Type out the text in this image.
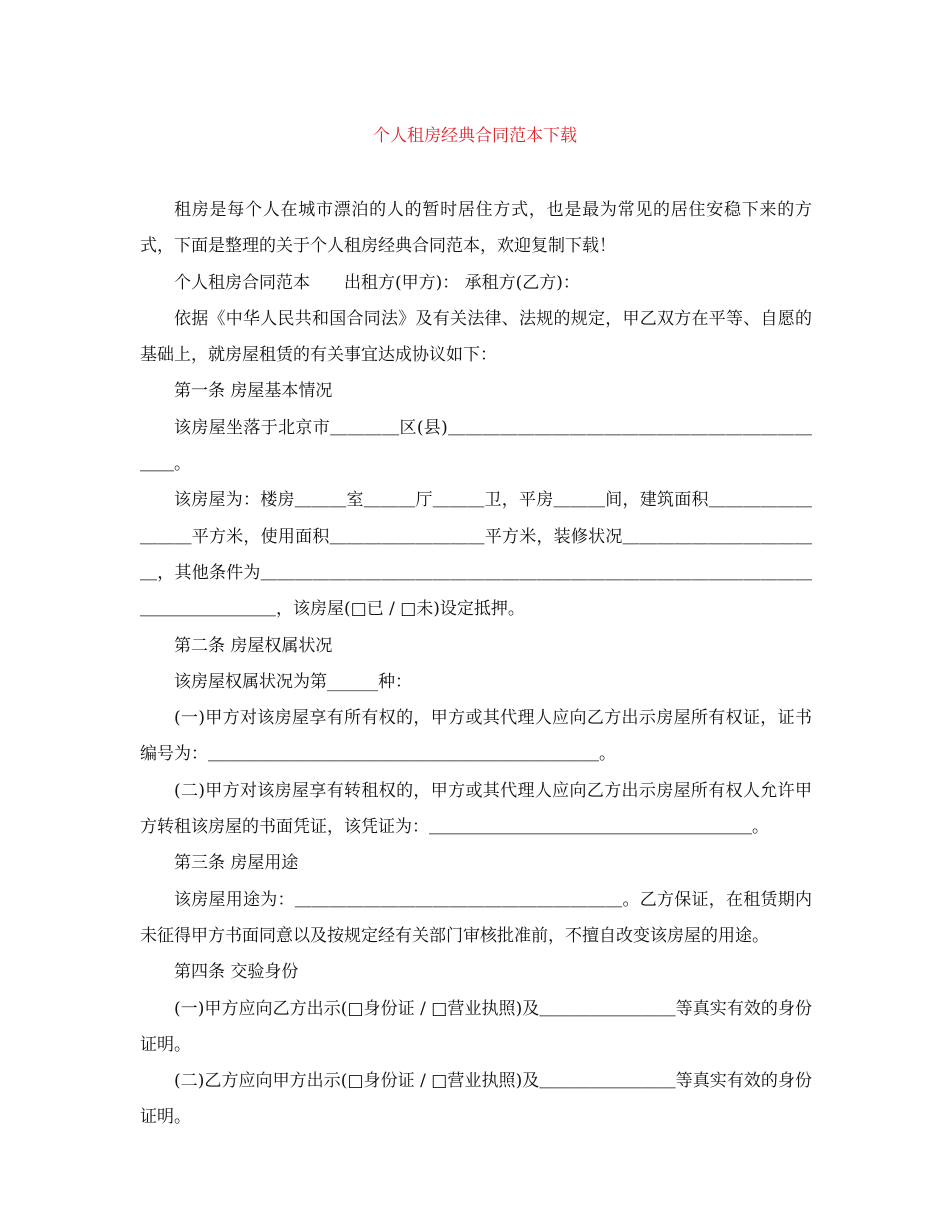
个人租房经典合同范本下载

租房是每个人在城市漂泊的人的暂时居住方式，也是最为常见的居住安稳下来的方式，下面是整理的关于个人租房经典合同范本，欢迎复制下载！

个人租房合同范本　　出租方(甲方)： 承租方(乙方)：

依据《中华人民共和国合同法》及有关法律、法规的规定，甲乙双方在平等、自愿的基础上，就房屋租赁的有关事宜达成协议如下：

第一条 房屋基本情况

该房屋坐落于北京市＿＿＿＿区(县)＿＿＿＿＿＿＿＿＿＿＿＿＿＿＿＿＿＿＿＿＿＿＿。

该房屋为：楼房＿＿＿室＿＿＿厅＿＿＿卫，平房＿＿＿间，建筑面积＿＿＿＿＿＿＿＿＿平方米，使用面积＿＿＿＿＿＿＿＿＿平方米，装修状况＿＿＿＿＿＿＿＿＿＿＿＿，其他条件为＿＿＿＿＿＿＿＿＿＿＿＿＿＿＿＿＿＿＿＿＿＿＿＿＿＿＿＿＿＿＿＿＿＿＿＿＿＿＿＿，该房屋(□已 / □未)设定抵押。

第二条 房屋权属状况

该房屋权属状况为第______种：

(一)甲方对该房屋享有所有权的，甲方或其代理人应向乙方出示房屋所有权证，证书编号为：＿＿＿＿＿＿＿＿＿＿＿＿＿＿＿＿＿＿＿＿＿＿＿。

(二)甲方对该房屋享有转租权的，甲方或其代理人应向乙方出示房屋所有权人允许甲方转租该房屋的书面凭证，该凭证为：＿＿＿＿＿＿＿＿＿＿＿＿＿＿＿＿＿＿＿。

第三条 房屋用途

该房屋用途为：＿＿＿＿＿＿＿＿＿＿＿＿＿＿＿＿＿＿＿。乙方保证，在租赁期内未征得甲方书面同意以及按规定经有关部门审核批准前，不擅自改变该房屋的用途。

第四条 交验身份

(一)甲方应向乙方出示(□身份证 / □营业执照)及＿＿＿＿＿＿＿＿等真实有效的身份证明。

(二)乙方应向甲方出示(□身份证 / □营业执照)及＿＿＿＿＿＿＿＿等真实有效的身份证明。
